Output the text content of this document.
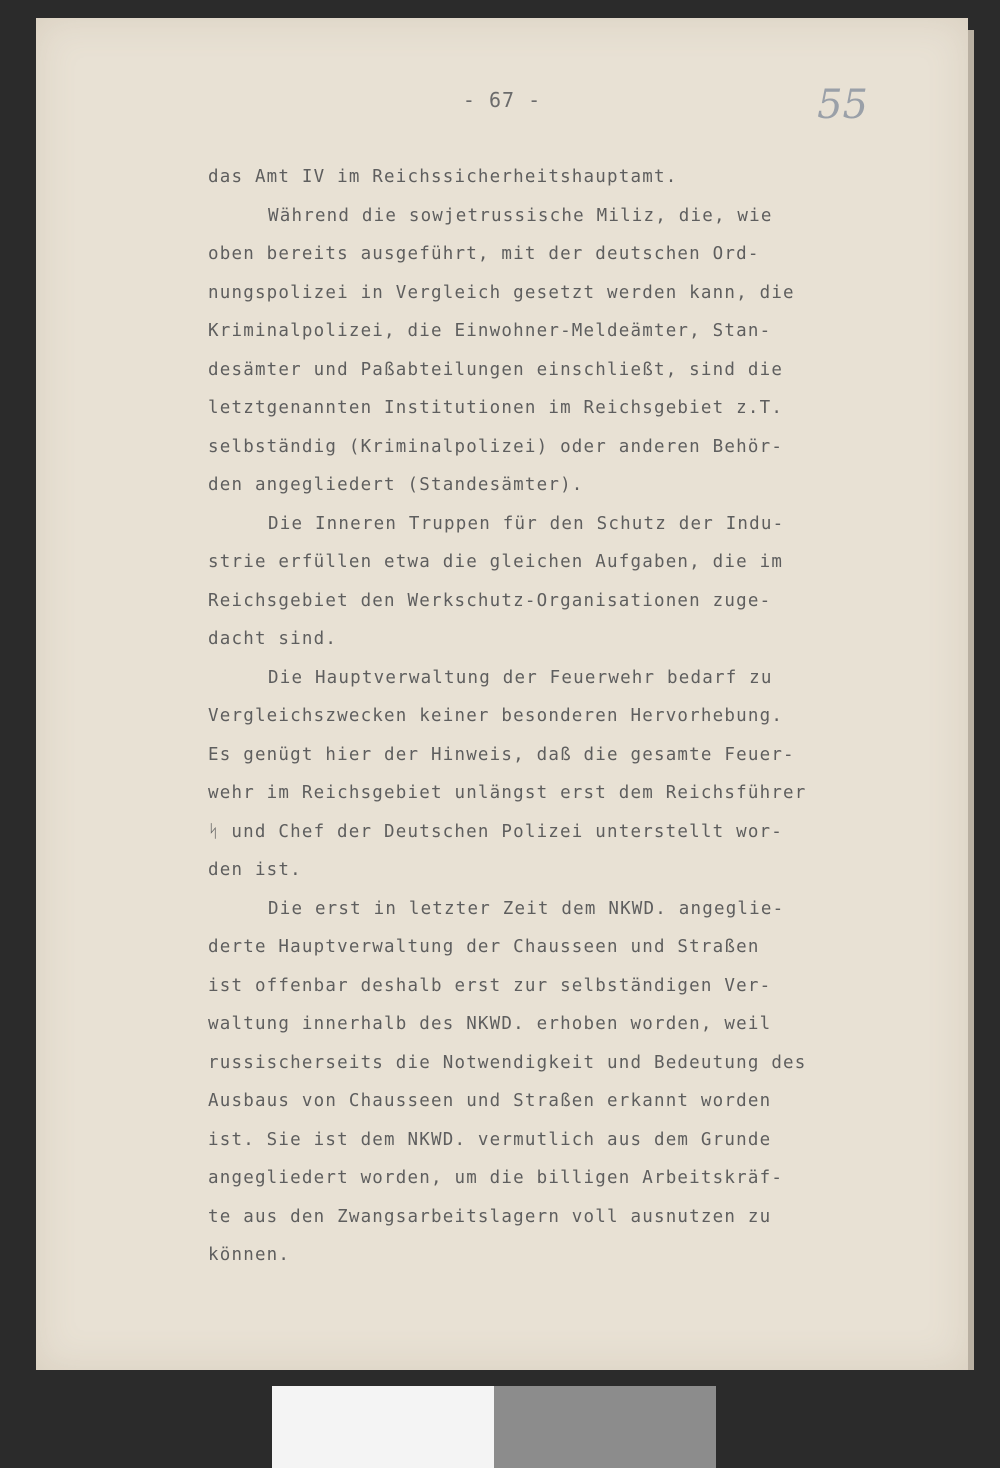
- 67 -	55
das Amt IV im Reichssicherheitshauptamt.
Während die sowjetrussische Miliz, die, wie
oben bereits ausgeführt, mit der deutschen Ord-
nungspolizei in Vergleich gesetzt werden kann, die
Kriminalpolizei, die Einwohner-Meldeämter, Stan-
desämter und Paßabteilungen einschließt, sind die
letztgenannten Institutionen im Reichsgebiet z.T.
selbständig (Kriminalpolizei) oder anderen Behör-
den angegliedert (Standesämter).
Die Inneren Truppen für den Schutz der Indu-
strie erfüllen etwa die gleichen Aufgaben, die im
Reichsgebiet den Werkschutz-Organisationen zuge-
dacht sind.
Die Hauptverwaltung der Feuerwehr bedarf zu
Vergleichszwecken keiner besonderen Hervorhebung.
Es genügt hier der Hinweis, daß die gesamte Feuer-
wehr im Reichsgebiet unlängst erst dem Reichsführer
ᛋ und Chef der Deutschen Polizei unterstellt wor-
den ist.
Die erst in letzter Zeit dem NKWD. angeglie-
derte Hauptverwaltung der Chausseen und Straßen
ist offenbar deshalb erst zur selbständigen Ver-
waltung innerhalb des NKWD. erhoben worden, weil
russischerseits die Notwendigkeit und Bedeutung des
Ausbaus von Chausseen und Straßen erkannt worden
ist. Sie ist dem NKWD. vermutlich aus dem Grunde
angegliedert worden, um die billigen Arbeitskräf-
te aus den Zwangsarbeitslagern voll ausnutzen zu
können.
